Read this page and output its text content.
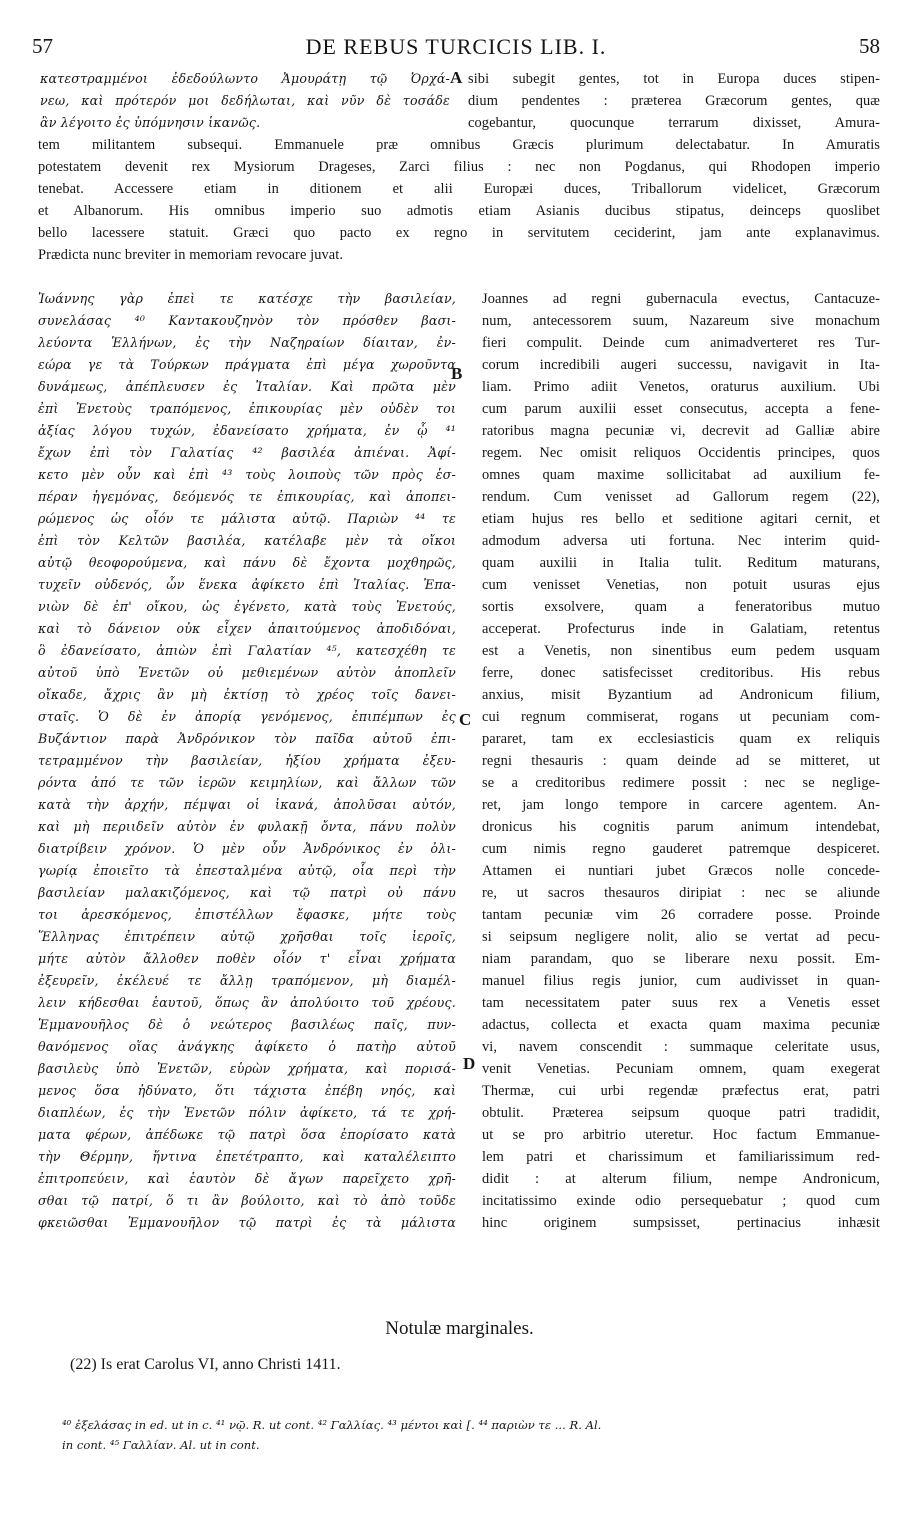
57	DE REBUS TURCICIS LIB. I.	58
κατεστραμμένοι ἐδεδούλωντο Ἀμουράτῃ τῷ Ὀρχά-
νεω, καὶ πρότερόν μοι δεδήλωται, καὶ νῦν δὲ τοσάδε
ἂν λέγοιτο ἐς ὑπόμνησιν ἱκανῶς.
sibi subegit gentes, tot in Europa duces stipen-
dium pendentes : præterea Græcorum gentes, quæ
cogebantur, quocunque terrarum dixisset, Amura-
tem militantem subsequi. Emmanuele præ omnibus Græcis plurimum delectabatur. In Amuratis
potestatem devenit rex Mysiorum Drageses, Zarci filius : nec non Pogdanus, qui Rhodopen imperio
tenebat. Accessere etiam in ditionem et alii Europæi duces, Triballorum videlicet, Græcorum
et Albanorum. His omnibus imperio suo admotis etiam Asianis ducibus stipatus, deinceps quoslibet
bello lacessere statuit. Græci quo pacto ex regno in servitutem ceciderint, jam ante explanavimus.
Prædicta nunc breviter in memoriam revocare juvat.
Ἰωάννης γὰρ ἐπεὶ τε κατέσχε τὴν βασιλείαν,
συνελάσας ⁴⁰ Καντακουζηνὸν τὸν πρόσθεν βασι-
λεύοντα Ἑλλήνων, ἐς τὴν Ναζηραίων δίαιταν, ἐν-
εώρα γε τὰ Τούρκων πράγματα ἐπὶ μέγα χωροῦντα
δυνάμεως, ἀπέπλευσεν ἐς Ἰταλίαν. Καὶ πρῶτα μὲν
ἐπὶ Ἐνετοὺς τραπόμενος, ἐπικουρίας μὲν οὐδὲν τοι
ἀξίας λόγου τυχών, ἐδανείσατο χρήματα, ἐν ᾧ ⁴¹
ἔχων ἐπὶ τὸν Γαλατίας ⁴² βασιλέα ἀπιέναι. Ἀφί-
κετο μὲν οὖν καὶ ἐπὶ ⁴³ τοὺς λοιποὺς τῶν πρὸς ἑσ-
πέραν ἡγεμόνας, δεόμενός τε ἐπικουρίας, καὶ ἀποπει-
ρώμενος ὡς οἷόν τε μάλιστα αὐτῷ. Παριὼν ⁴⁴ τε
ἐπὶ τὸν Κελτῶν βασιλέα, κατέλαβε μὲν τὰ οἴκοι
αὐτῷ θεοφορούμενα, καὶ πάνυ δὲ ἔχοντα μοχθηρῶς,
τυχεῖν οὐδενός, ὧν ἕνεκα ἀφίκετο ἐπὶ Ἰταλίας. Ἐπα-
νιὼν δὲ ἐπ' οἴκου, ὡς ἐγένετο, κατὰ τοὺς Ἐνετούς,
καὶ τὸ δάνειον οὐκ εἶχεν ἀπαιτούμενος ἀποδιδόναι,
ὃ ἐδανείσατο, ἀπιὼν ἐπὶ Γαλατίαν ⁴⁵, κατεσχέθη τε
αὐτοῦ ὑπὸ Ἐνετῶν οὐ μεθιεμένων αὐτὸν ἀποπλεῖν
οἴκαδε, ἄχρις ἂν μὴ ἐκτίσῃ τὸ χρέος τοῖς δανει-
σταῖς. Ὁ δὲ ἐν ἀπορίᾳ γενόμενος, ἐπιπέμπων ἐς
Βυζάντιον παρὰ Ἀνδρόνικον τὸν παῖδα αὐτοῦ ἐπι-
τετραμμένον τὴν βασιλείαν, ἠξίου χρήματα ἐξευ-
ρόντα ἀπό τε τῶν ἱερῶν κειμηλίων, καὶ ἄλλων τῶν
κατὰ τὴν ἀρχήν, πέμψαι οἱ ἱκανά, ἀπολῦσαι αὐτόν,
καὶ μὴ περιιδεῖν αὐτὸν ἐν φυλακῇ ὄντα, πάνυ πολὺν
διατρίβειν χρόνον. Ὁ μὲν οὖν Ἀνδρόνικος ἐν ὀλι-
γωρίᾳ ἐποιεῖτο τὰ ἐπεσταλμένα αὐτῷ, οἷα περὶ τὴν
βασιλείαν μαλακιζόμενος, καὶ τῷ πατρὶ οὐ πάνυ
τοι ἀρεσκόμενος, ἐπιστέλλων ἔφασκε, μήτε τοὺς
Ἕλληνας ἐπιτρέπειν αὐτῷ χρῆσθαι τοῖς ἱεροῖς,
μήτε αὐτὸν ἄλλοθεν ποθὲν οἷόν τ' εἶναι χρήματα
ἐξευρεῖν, ἐκέλευέ τε ἄλλῃ τραπόμενον, μὴ διαμέλ-
λειν κήδεσθαι ἑαυτοῦ, ὅπως ἂν ἀπολύοιτο τοῦ χρέους.
Ἐμμανουῆλος δὲ ὁ νεώτερος βασιλέως παῖς, πυν-
θανόμενος οἵας ἀνάγκης ἀφίκετο ὁ πατὴρ αὐτοῦ
βασιλεὺς ὑπὸ Ἐνετῶν, εὑρὼν χρήματα, καὶ πορισά-
μενος ὅσα ἠδύνατο, ὅτι τάχιστα ἐπέβη νηός, καὶ
διαπλέων, ἐς τὴν Ἐνετῶν πόλιν ἀφίκετο, τά τε χρή-
ματα φέρων, ἀπέδωκε τῷ πατρὶ ὅσα ἐπορίσατο κατὰ
τὴν Θέρμην, ἥντινα ἐπετέτραπτο, καὶ καταλέλειπτο
ἐπιτροπεύειν, καὶ ἑαυτὸν δὲ ἄγων παρεῖχετο χρῆ-
σθαι τῷ πατρί, ὅ τι ἂν βούλοιτο, καὶ τὸ ἀπὸ τοῦδε
φκειῶσθαι Ἐμμανουῆλον τῷ πατρὶ ἐς τὰ μάλιστα
Joannes ad regni gubernacula evectus, Cantacuze-
num, antecessorem suum, Nazareum sive monachum
fieri compulit. Deinde cum animadverteret res Tur-
corum incredibili augeri successu, navigavit in Ita-
liam. Primo adiit Venetos, oraturus auxilium. Ubi
cum parum auxilii esset consecutus, accepta a fene-
ratoribus magna pecuniæ vi, decrevit ad Galliæ abire
regem. Nec omisit reliquos Occidentis principes, quos
omnes quam maxime sollicitabat ad auxilium fe-
rendum. Cum venisset ad Gallorum regem (22),
etiam hujus res bello et seditione agitari cernit, et
admodum adversa uti fortuna. Nec interim quid-
quam auxilii in Italia tulit. Reditum maturans,
cum venisset Venetias, non potuit usuras ejus
sortis exsolvere, quam a feneratoribus mutuo
acceperat. Profecturus inde in Galatiam, retentus
est a Venetis, non sinentibus eum pedem usquam
ferre, donec satisfecisset creditoribus. His rebus
anxius, misit Byzantium ad Andronicum filium,
cui regnum commiserat, rogans ut pecuniam com-
pararet, tam ex ecclesiasticis quam ex reliquis
regni thesauris : quam deinde ad se mitteret, ut
se a creditoribus redimere possit : nec se neglige-
ret, jam longo tempore in carcere agentem. An-
dronicus his cognitis parum animum intendebat,
cum nimis regno gauderet patremque despiceret.
Attamen ei nuntiari jubet Græcos nolle concede-
re, ut sacros thesauros diripiat : nec se aliunde
tantam pecuniæ vim 26 corradere posse. Proinde
si seipsum negligere nolit, alio se vertat ad pecu-
niam parandam, quo se liberare nexu possit. Em-
manuel filius regis junior, cum audivisset in quan-
tam necessitatem pater suus rex a Venetis esset
adactus, collecta et exacta quam maxima pecuniæ
vi, navem conscendit : summaque celeritate usus,
venit Venetias. Pecuniam omnem, quam exegerat
Thermæ, cui urbi regendæ præfectus erat, patri
obtulit. Præterea seipsum quoque patri tradidit,
ut se pro arbitrio uteretur. Hoc factum Emmanue-
lem patri et charissimum et familiarissimum red-
didit : at alterum filium, nempe Andronicum,
incitatissimo exinde odio persequebatur ; quod cum
hinc originem sumpsisset, pertinacius inhæsit
A
B
C
D
Notulæ marginales.
(22) Is erat Carolus VI, anno Christi 1411.
⁴⁰ ἐξελάσας in ed. ut in c. ⁴¹ νῷ. R. ut cont. ⁴² Γαλλίας. ⁴³ μέντοι καὶ [. ⁴⁴ παριὼν τε ... R. Al.
in cont. ⁴⁵ Γαλλίαν. Al. ut in cont.
